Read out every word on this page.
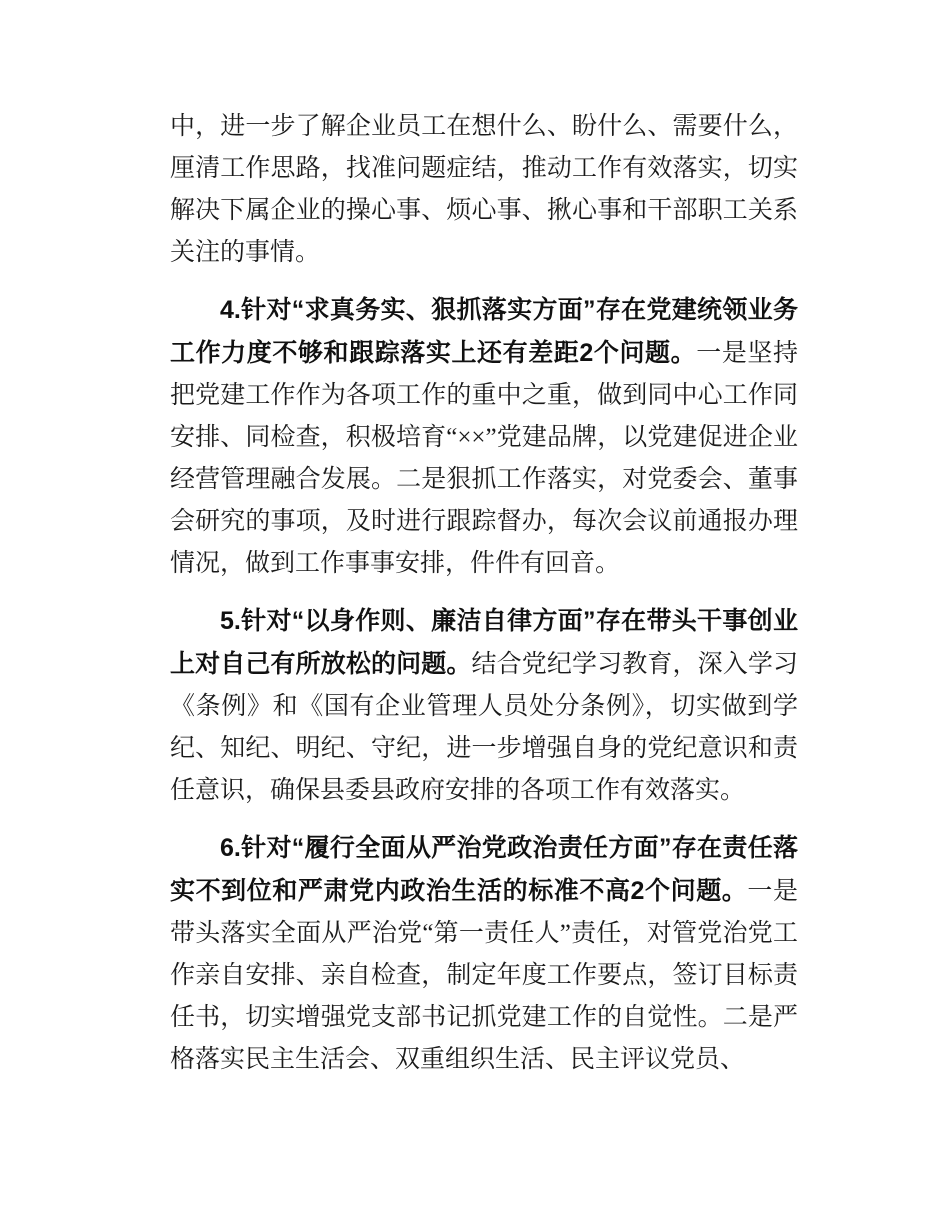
中，进一步了解企业员工在想什么、盼什么、需要什么，厘清工作思路，找准问题症结，推动工作有效落实，切实解决下属企业的操心事、烦心事、揪心事和干部职工关系关注的事情。

4.针对“求真务实、狠抓落实方面”存在党建统领业务工作力度不够和跟踪落实上还有差距2个问题。一是坚持把党建工作作为各项工作的重中之重，做到同中心工作同安排、同检查，积极培育“××”党建品牌，以党建促进企业经营管理融合发展。二是狠抓工作落实，对党委会、董事会研究的事项，及时进行跟踪督办，每次会议前通报办理情况，做到工作事事安排，件件有回音。

5.针对“以身作则、廉洁自律方面”存在带头干事创业上对自己有所放松的问题。结合党纪学习教育，深入学习《条例》和《国有企业管理人员处分条例》，切实做到学纪、知纪、明纪、守纪，进一步增强自身的党纪意识和责任意识，确保县委县政府安排的各项工作有效落实。

6.针对“履行全面从严治党政治责任方面”存在责任落实不到位和严肃党内政治生活的标准不高2个问题。一是带头落实全面从严治党“第一责任人”责任，对管党治党工作亲自安排、亲自检查，制定年度工作要点，签订目标责任书，切实增强党支部书记抓党建工作的自觉性。二是严格落实民主生活会、双重组织生活、民主评议党员、
